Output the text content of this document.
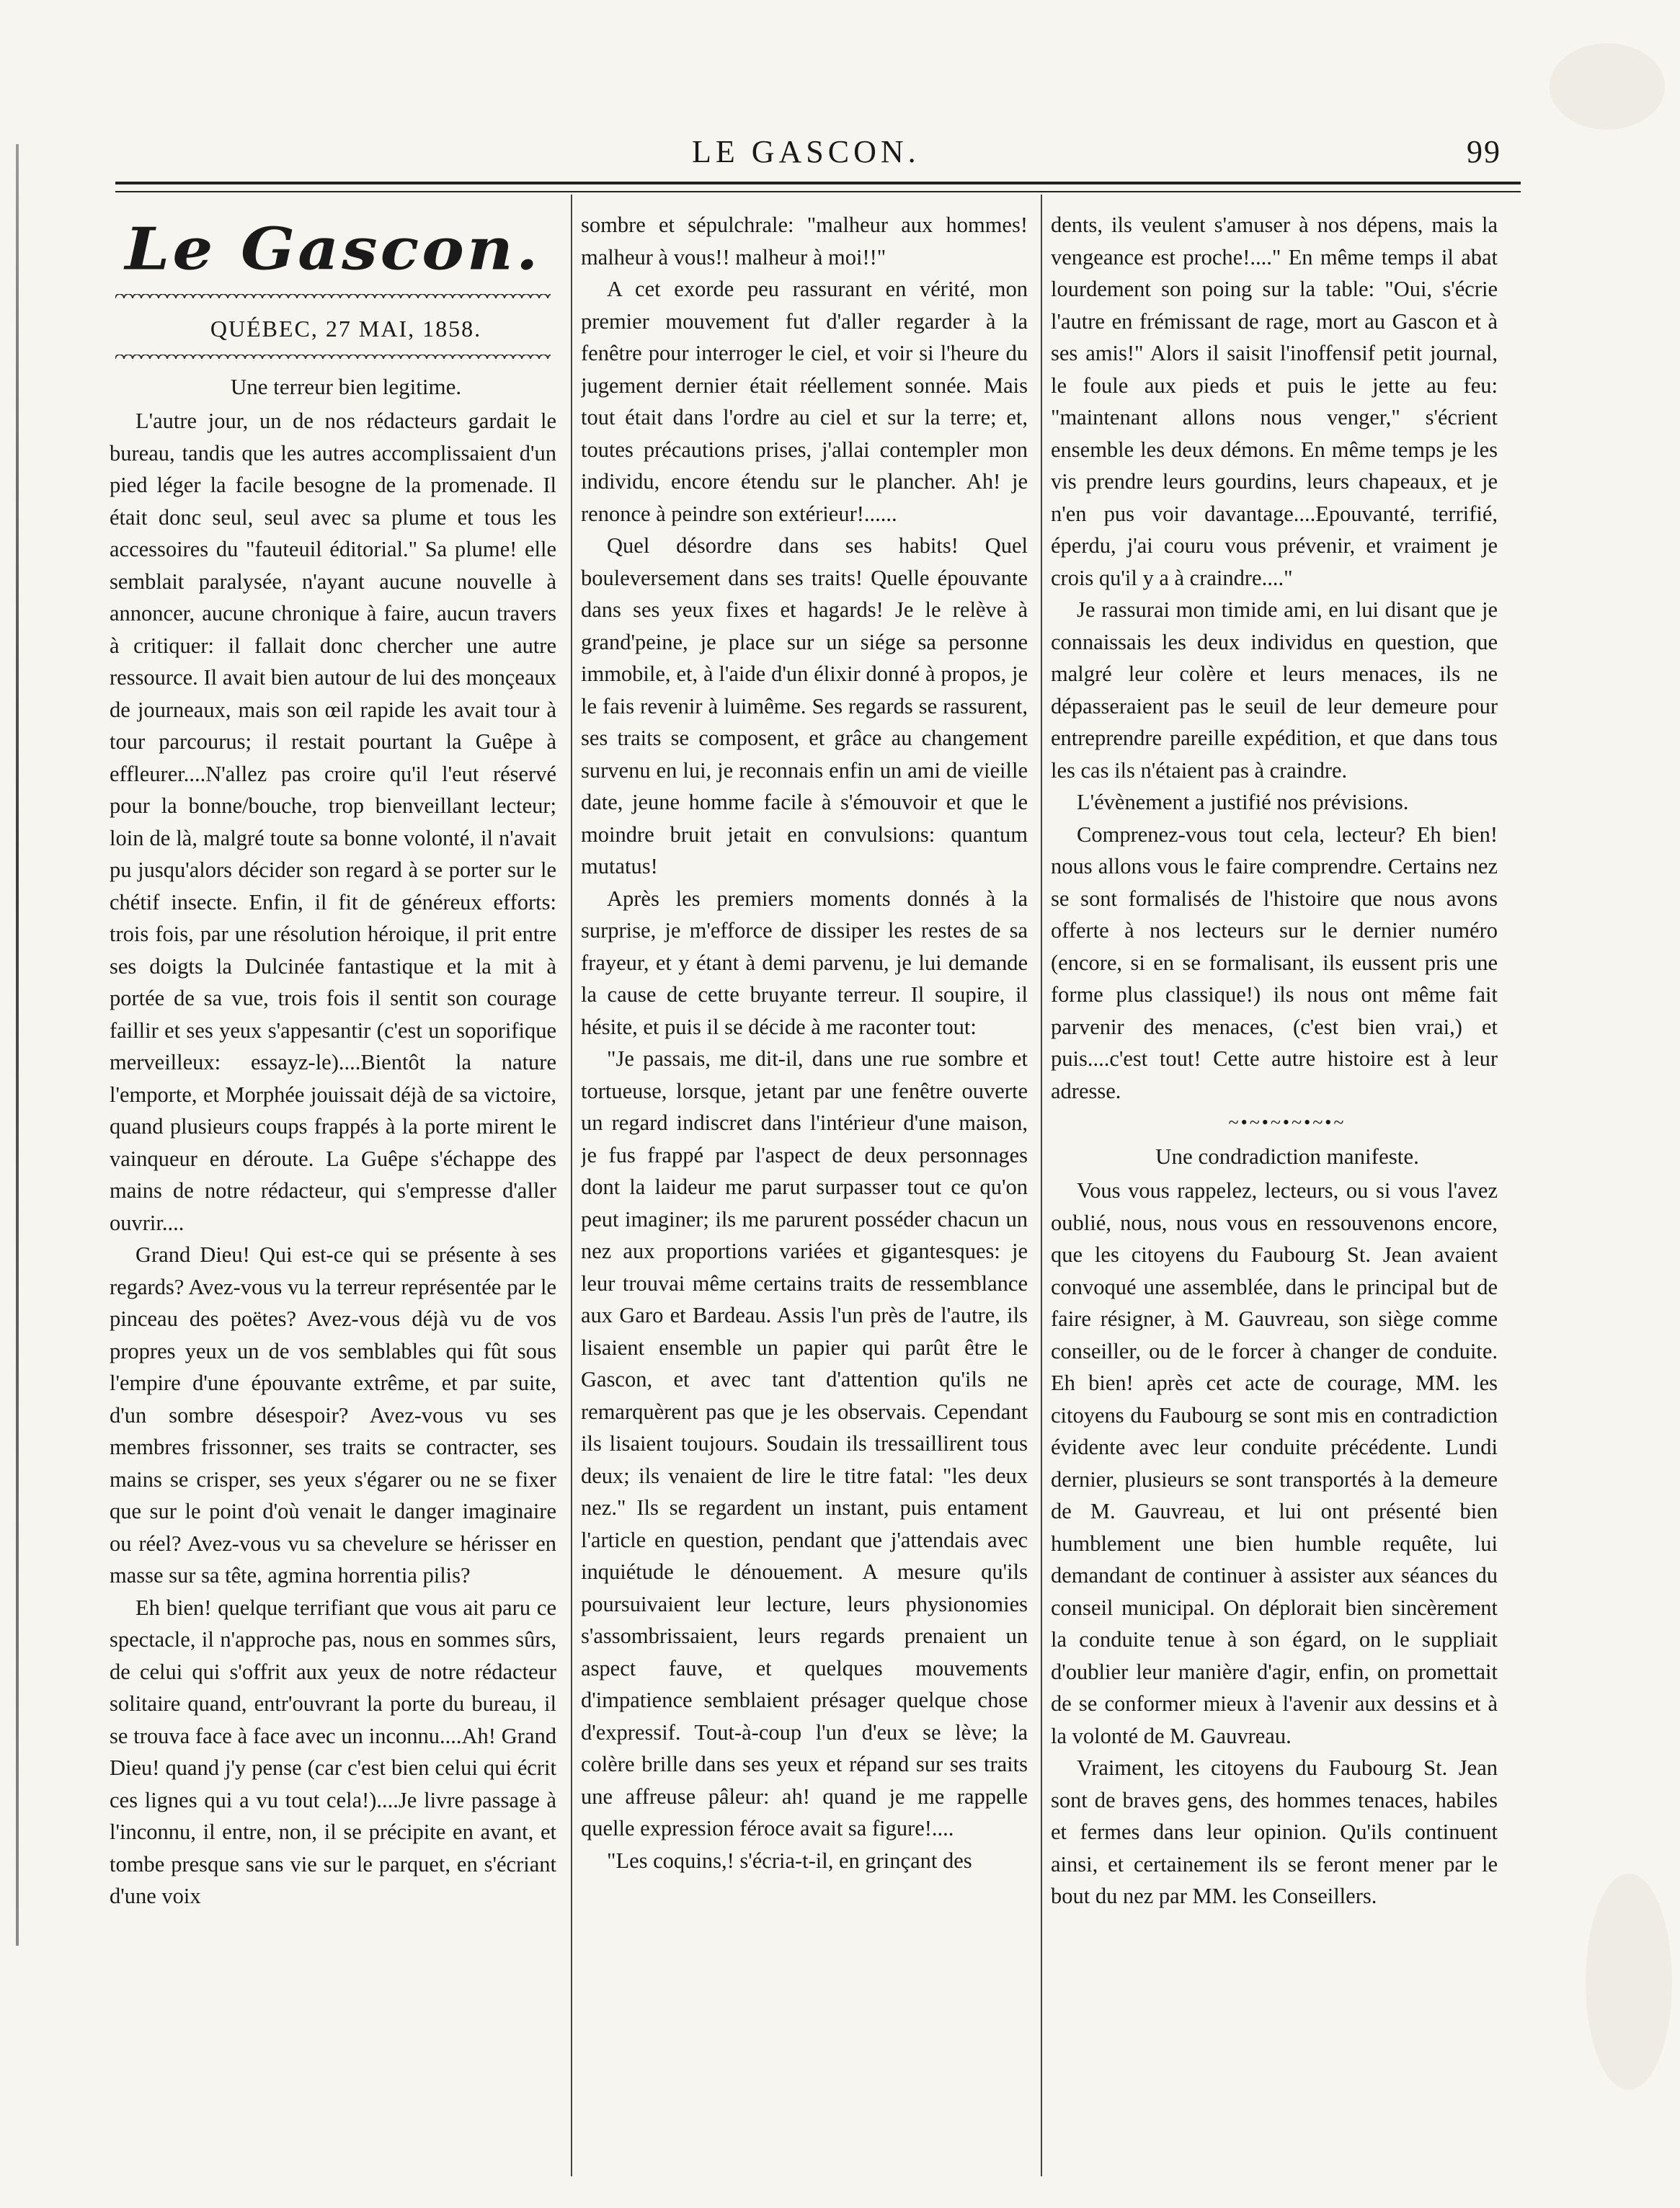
LE GASCON.	99
Le Gascon.

QUÉBEC, 27 MAI, 1858.

Une terreur bien legitime.

L'autre jour, un de nos rédacteurs gardait le bureau, tandis que les autres accomplissaient d'un pied léger la facile besogne de la promenade. Il était donc seul, seul avec sa plume et tous les accessoires du "fauteuil éditorial." Sa plume! elle semblait paralysée, n'ayant aucune nouvelle à annoncer, aucune chronique à faire, aucun travers à critiquer: il fallait donc chercher une autre ressource. Il avait bien autour de lui des monçeaux de journeaux, mais son œil rapide les avait tour à tour parcourus; il restait pourtant la Guêpe à effleurer....N'allez pas croire qu'il l'eut réservé pour la bonne/bouche, trop bienveillant lecteur; loin de là, malgré toute sa bonne volonté, il n'avait pu jusqu'alors décider son regard à se porter sur le chétif insecte. Enfin, il fit de généreux efforts: trois fois, par une résolution héroique, il prit entre ses doigts la Dulcinée fantastique et la mit à portée de sa vue, trois fois il sentit son courage faillir et ses yeux s'appesantir (c'est un soporifique merveilleux: essayz-le)....Bientôt la nature l'emporte, et Morphée jouissait déjà de sa victoire, quand plusieurs coups frappés à la porte mirent le vainqueur en déroute. La Guêpe s'échappe des mains de notre rédacteur, qui s'empresse d'aller ouvrir....

Grand Dieu! Qui est-ce qui se présente à ses regards? Avez-vous vu la terreur représentée par le pinceau des poëtes? Avez-vous déjà vu de vos propres yeux un de vos semblables qui fût sous l'empire d'une épouvante extrême, et par suite, d'un sombre désespoir? Avez-vous vu ses membres frissonner, ses traits se contracter, ses mains se crisper, ses yeux s'égarer ou ne se fixer que sur le point d'où venait le danger imaginaire ou réel? Avez-vous vu sa chevelure se hérisser en masse sur sa tête, agmina horrentia pilis?

Eh bien! quelque terrifiant que vous ait paru ce spectacle, il n'approche pas, nous en sommes sûrs, de celui qui s'offrit aux yeux de notre rédacteur solitaire quand, entr'ouvrant la porte du bureau, il se trouva face à face avec un inconnu....Ah! Grand Dieu! quand j'y pense (car c'est bien celui qui écrit ces lignes qui a vu tout cela!)....Je livre passage à l'inconnu, il entre, non, il se précipite en avant, et tombe presque sans vie sur le parquet, en s'écriant d'une voix

sombre et sépulchrale: "malheur aux hommes! malheur à vous!! malheur à moi!!"

A cet exorde peu rassurant en vérité, mon premier mouvement fut d'aller regarder à la fenêtre pour interroger le ciel, et voir si l'heure du jugement dernier était réellement sonnée. Mais tout était dans l'ordre au ciel et sur la terre; et, toutes précautions prises, j'allai contempler mon individu, encore étendu sur le plancher. Ah! je renonce à peindre son extérieur!......

Quel désordre dans ses habits! Quel bouleversement dans ses traits! Quelle épouvante dans ses yeux fixes et hagards! Je le relève à grand'peine, je place sur un siége sa personne immobile, et, à l'aide d'un élixir donné à propos, je le fais revenir à luimême. Ses regards se rassurent, ses traits se composent, et grâce au changement survenu en lui, je reconnais enfin un ami de vieille date, jeune homme facile à s'émouvoir et que le moindre bruit jetait en convulsions: quantum mutatus!

Après les premiers moments donnés à la surprise, je m'efforce de dissiper les restes de sa frayeur, et y étant à demi parvenu, je lui demande la cause de cette bruyante terreur. Il soupire, il hésite, et puis il se décide à me raconter tout:

"Je passais, me dit-il, dans une rue sombre et tortueuse, lorsque, jetant par une fenêtre ouverte un regard indiscret dans l'intérieur d'une maison, je fus frappé par l'aspect de deux personnages dont la laideur me parut surpasser tout ce qu'on peut imaginer; ils me parurent posséder chacun un nez aux proportions variées et gigantesques: je leur trouvai même certains traits de ressemblance aux Garo et Bardeau. Assis l'un près de l'autre, ils lisaient ensemble un papier qui parût être le Gascon, et avec tant d'attention qu'ils ne remarquèrent pas que je les observais. Cependant ils lisaient toujours. Soudain ils tressaillirent tous deux; ils venaient de lire le titre fatal: "les deux nez." Ils se regardent un instant, puis entament l'article en question, pendant que j'attendais avec inquiétude le dénouement. A mesure qu'ils poursuivaient leur lecture, leurs physionomies s'assombrissaient, leurs regards prenaient un aspect fauve, et quelques mouvements d'impatience semblaient présager quelque chose d'expressif. Tout-à-coup l'un d'eux se lève; la colère brille dans ses yeux et répand sur ses traits une affreuse pâleur: ah! quand je me rappelle quelle expression féroce avait sa figure!....

"Les coquins,! s'écria-t-il, en grinçant des

dents, ils veulent s'amuser à nos dépens, mais la vengeance est proche!...." En même temps il abat lourdement son poing sur la table: "Oui, s'écrie l'autre en frémissant de rage, mort au Gascon et à ses amis!" Alors il saisit l'inoffensif petit journal, le foule aux pieds et puis le jette au feu: "maintenant allons nous venger," s'écrient ensemble les deux démons. En même temps je les vis prendre leurs gourdins, leurs chapeaux, et je n'en pus voir davantage....Epouvanté, terrifié, éperdu, j'ai couru vous prévenir, et vraiment je crois qu'il y a à craindre...."

Je rassurai mon timide ami, en lui disant que je connaissais les deux individus en question, que malgré leur colère et leurs menaces, ils ne dépasseraient pas le seuil de leur demeure pour entreprendre pareille expédition, et que dans tous les cas ils n'étaient pas à craindre.

L'évènement a justifié nos prévisions.

Comprenez-vous tout cela, lecteur? Eh bien! nous allons vous le faire comprendre. Certains nez se sont formalisés de l'histoire que nous avons offerte à nos lecteurs sur le dernier numéro (encore, si en se formalisant, ils eussent pris une forme plus classique!) ils nous ont même fait parvenir des menaces, (c'est bien vrai,) et puis....c'est tout! Cette autre histoire est à leur adresse.

~•~•~•~•~•~

Une condradiction manifeste.

Vous vous rappelez, lecteurs, ou si vous l'avez oublié, nous, nous vous en ressouvenons encore, que les citoyens du Faubourg St. Jean avaient convoqué une assemblée, dans le principal but de faire résigner, à M. Gauvreau, son siège comme conseiller, ou de le forcer à changer de conduite. Eh bien! après cet acte de courage, MM. les citoyens du Faubourg se sont mis en contradiction évidente avec leur conduite précédente. Lundi dernier, plusieurs se sont transportés à la demeure de M. Gauvreau, et lui ont présenté bien humblement une bien humble requête, lui demandant de continuer à assister aux séances du conseil municipal. On déplorait bien sincèrement la conduite tenue à son égard, on le suppliait d'oublier leur manière d'agir, enfin, on promettait de se conformer mieux à l'avenir aux dessins et à la volonté de M. Gauvreau.

Vraiment, les citoyens du Faubourg St. Jean sont de braves gens, des hommes tenaces, habiles et fermes dans leur opinion. Qu'ils continuent ainsi, et certainement ils se feront mener par le bout du nez par MM. les Conseillers.
